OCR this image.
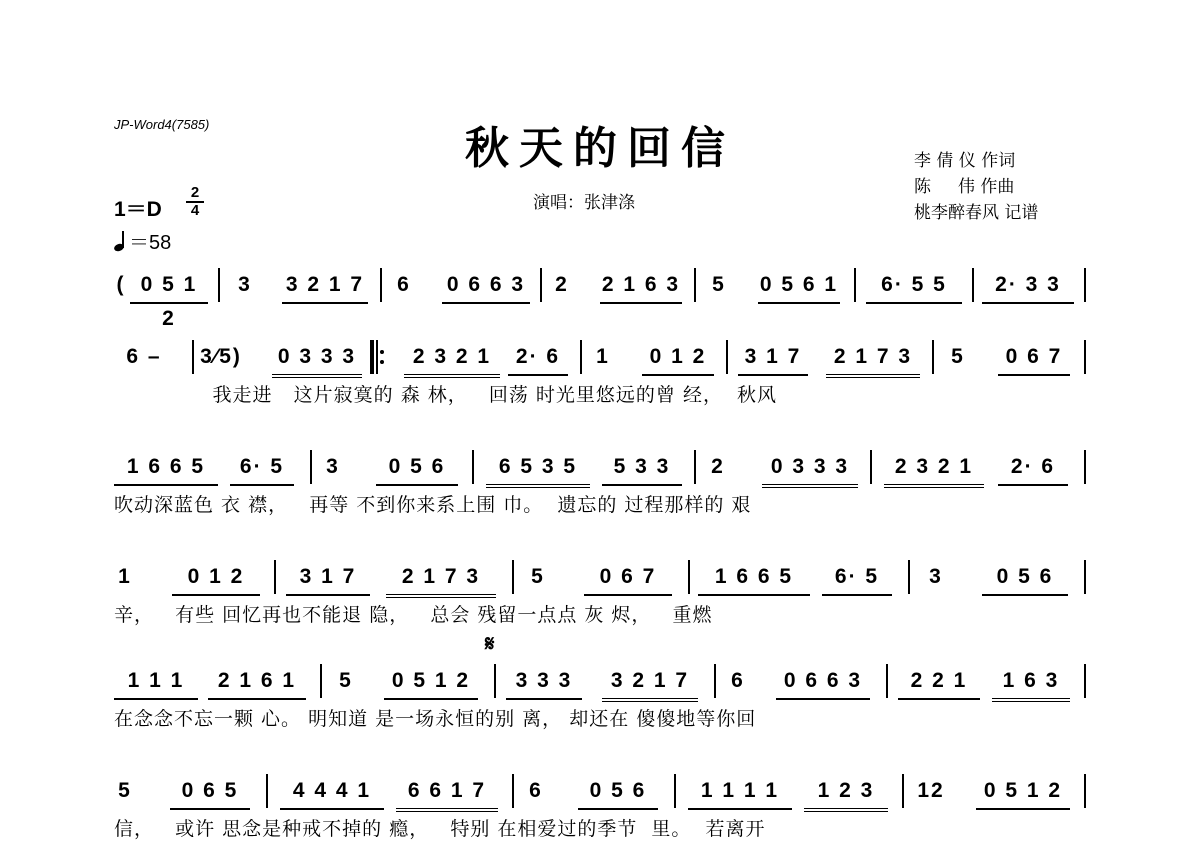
JP-Word4(7585)	秋天的回信
演唱：张津涤
李 倩 仪 作词
陈     伟 作曲
桃李醉春风 记谱
1＝D
2
4
＝58
( 0 5 1 2
3 3 2 1 7 6 0 6 6 3 2 2 1 6 3 5 0 5 6 1	6· 5 5	2· 3 3
6 –	3⁄5) 0 3 3 3	2 3 2 1	2· 6	1	0 1 2	3 1 7	2 1 7 3	5	0 6 7
我走进   这片寂寞的 森 林，   回荡 时光里悠远的曾 经，  秋风
1 6 6 5	6· 5	3	0 5 6	6 5 3 5	5 3 3	2	0 3 3 3	2 3 2 1	2· 6
吹动深蓝色 衣 襟，   再等 不到你来系上围 巾。  遗忘的 过程那样的 艰
1	0 1 2	3 1 7	2 1 7 3	5	0 6 7	1 6 6 5	6· 5	3	0 5 6
辛，   有些 回忆再也不能退 隐，   总会 残留一点点 灰 烬，   重燃
𝄋
1 1 1	2 1 6 1	5	0 5 1 2	3 3 3	3 2 1 7	6	0 6 6 3	2 2 1	1 6 3
在念念不忘一颗 心。 明知道 是一场永恒的别 离， 却还在 傻傻地等你回
5	0 6 5	4 4 4 1	6 6 1 7	6	0 5 6	1 1 1 1	1 2 3	12	0 5 1 2
信，   或许 思念是种戒不掉的 瘾，   特别 在相爱过的季节  里。  若离开
